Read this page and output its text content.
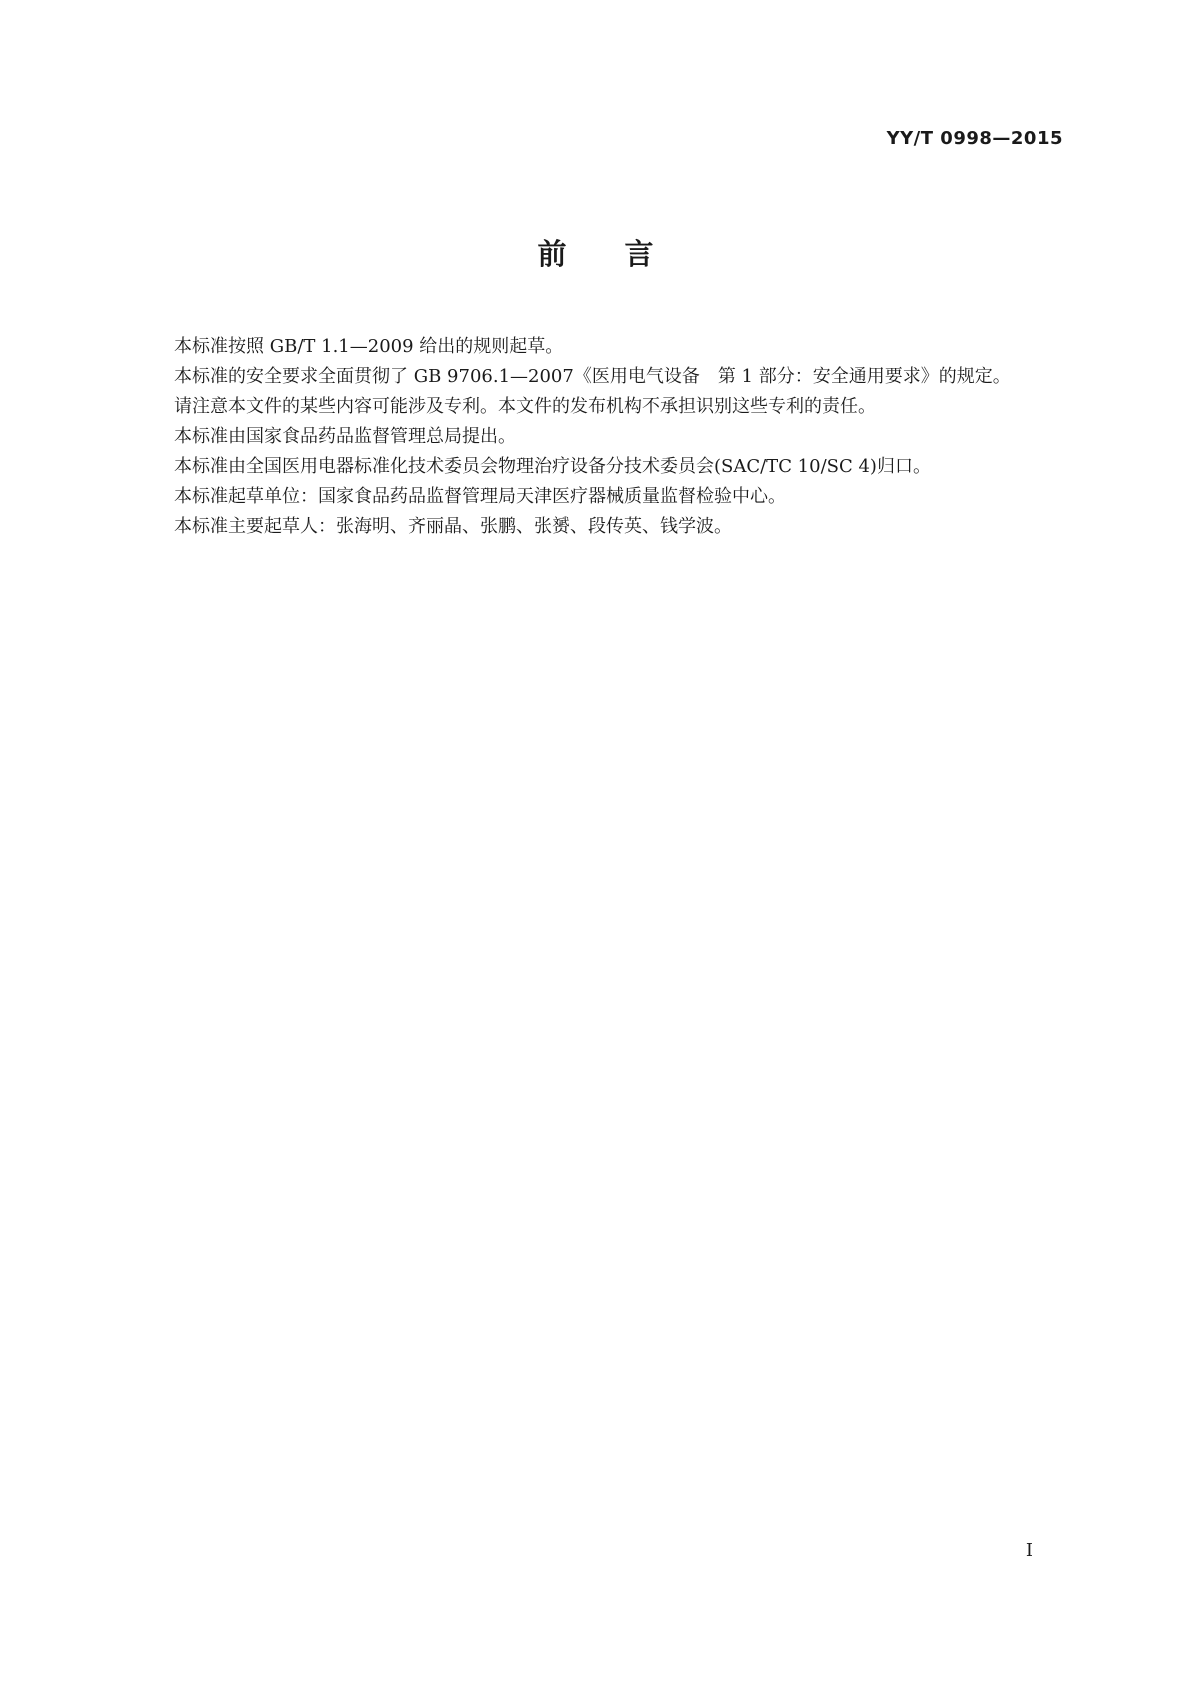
YY/T 0998—2015
前言

本标准按照 GB/T 1.1—2009 给出的规则起草。

本标准的安全要求全面贯彻了 GB 9706.1—2007《医用电气设备　第 1 部分：安全通用要求》的规定。

请注意本文件的某些内容可能涉及专利。本文件的发布机构不承担识别这些专利的责任。

本标准由国家食品药品监督管理总局提出。

本标准由全国医用电器标准化技术委员会物理治疗设备分技术委员会(SAC/TC 10/SC 4)归口。

本标准起草单位：国家食品药品监督管理局天津医疗器械质量监督检验中心。

本标准主要起草人：张海明、齐丽晶、张鹏、张赟、段传英、钱学波。

I
